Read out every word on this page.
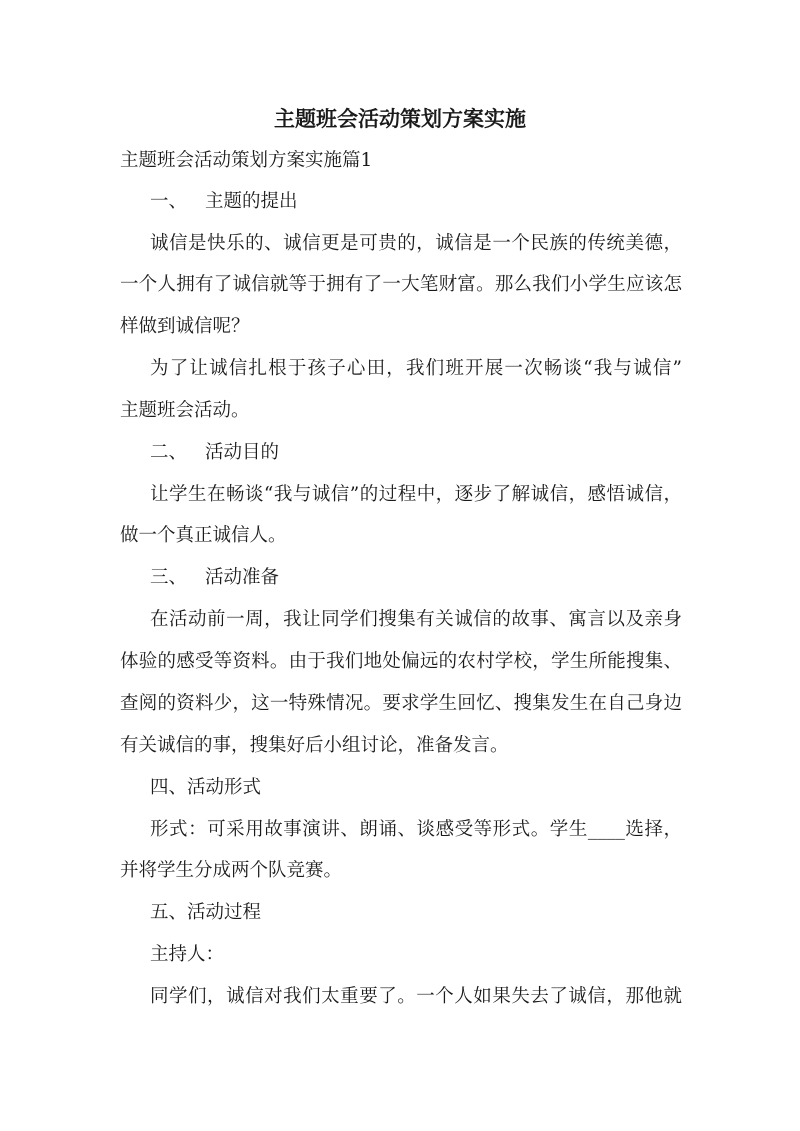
主题班会活动策划方案实施

主题班会活动策划方案实施篇1

一、 主题的提出

诚信是快乐的、诚信更是可贵的，诚信是一个民族的传统美德，

一个人拥有了诚信就等于拥有了一大笔财富。那么我们小学生应该怎

样做到诚信呢？

为了让诚信扎根于孩子心田，我们班开展一次畅谈“我与诚信”

主题班会活动。

二、 活动目的

让学生在畅谈“我与诚信”的过程中，逐步了解诚信，感悟诚信，

做一个真正诚信人。

三、 活动准备

在活动前一周，我让同学们搜集有关诚信的故事、寓言以及亲身

体验的感受等资料。由于我们地处偏远的农村学校，学生所能搜集、

查阅的资料少，这一特殊情况。要求学生回忆、搜集发生在自己身边

有关诚信的事，搜集好后小组讨论，准备发言。

四、活动形式

形式：可采用故事演讲、朗诵、谈感受等形式。学生____选择，

并将学生分成两个队竞赛。

五、活动过程

主持人：

同学们，诚信对我们太重要了。一个人如果失去了诚信，那他就
